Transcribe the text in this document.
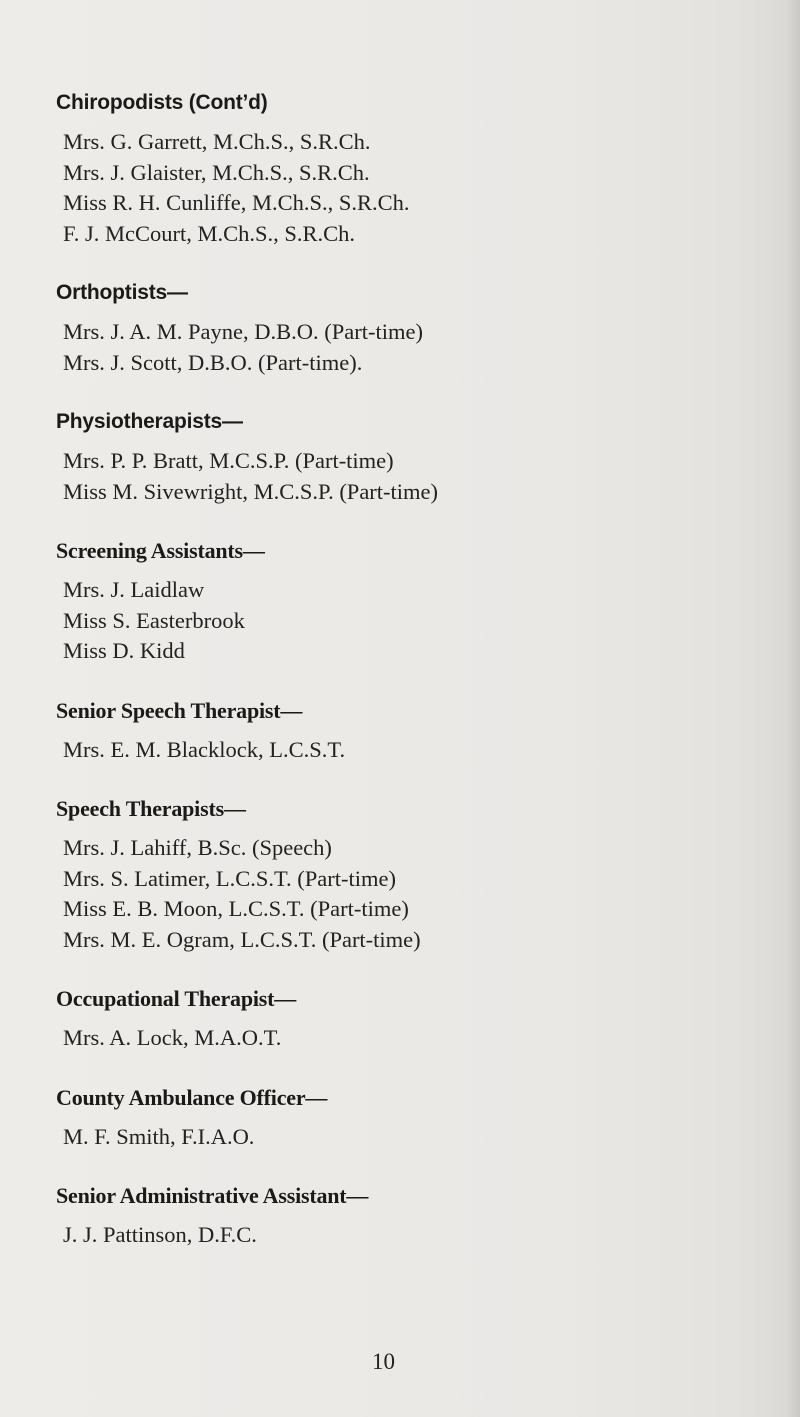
Chiropodists (Cont’d)
Mrs. G. Garrett, M.Ch.S., S.R.Ch.
Mrs. J. Glaister, M.Ch.S., S.R.Ch.
Miss R. H. Cunliffe, M.Ch.S., S.R.Ch.
F. J. McCourt, M.Ch.S., S.R.Ch.
Orthoptists—
Mrs. J. A. M. Payne, D.B.O. (Part-time)
Mrs. J. Scott, D.B.O. (Part-time).
Physiotherapists—
Mrs. P. P. Bratt, M.C.S.P. (Part-time)
Miss M. Sivewright, M.C.S.P. (Part-time)
Screening Assistants—
Mrs. J. Laidlaw
Miss S. Easterbrook
Miss D. Kidd
Senior Speech Therapist—
Mrs. E. M. Blacklock, L.C.S.T.
Speech Therapists—
Mrs. J. Lahiff, B.Sc. (Speech)
Mrs. S. Latimer, L.C.S.T. (Part-time)
Miss E. B. Moon, L.C.S.T. (Part-time)
Mrs. M. E. Ogram, L.C.S.T. (Part-time)
Occupational Therapist—
Mrs. A. Lock, M.A.O.T.
County Ambulance Officer—
M. F. Smith, F.I.A.O.
Senior Administrative Assistant—
J. J. Pattinson, D.F.C.
10
